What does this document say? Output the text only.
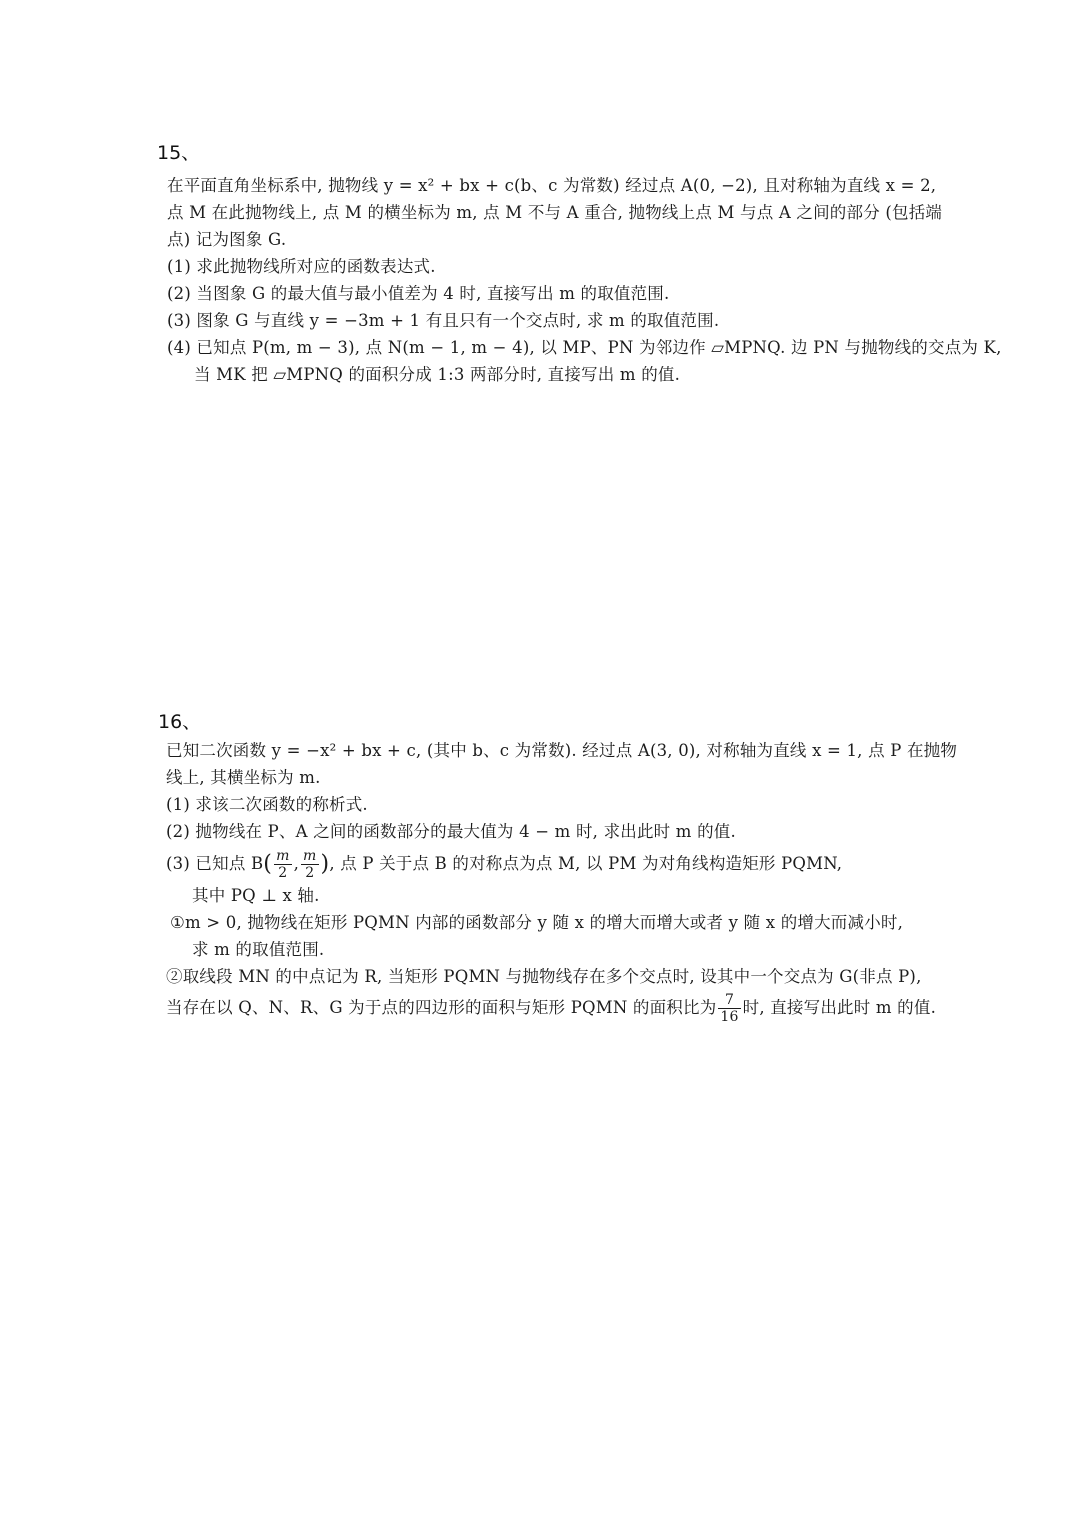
15、
在平面直角坐标系中, 抛物线 y = x² + bx + c(b、c 为常数) 经过点 A(0, −2), 且对称轴为直线 x = 2,
点 M 在此抛物线上, 点 M 的横坐标为 m, 点 M 不与 A 重合, 抛物线上点 M 与点 A 之间的部分 (包括端
点) 记为图象 G.
(1) 求此抛物线所对应的函数表达式.
(2) 当图象 G 的最大值与最小值差为 4 时, 直接写出 m 的取值范围.
(3) 图象 G 与直线 y = −3m + 1 有且只有一个交点时, 求 m 的取值范围.
(4) 已知点 P(m, m − 3), 点 N(m − 1, m − 4), 以 MP、PN 为邻边作 ▱MPNQ. 边 PN 与抛物线的交点为 K,
当 MK 把 ▱MPNQ 的面积分成 1:3 两部分时, 直接写出 m 的值.
16、
已知二次函数 y = −x² + bx + c, (其中 b、c 为常数). 经过点 A(3, 0), 对称轴为直线 x = 1, 点 P 在抛物
线上, 其横坐标为 m.
(1) 求该二次函数的称析式.
(2) 抛物线在 P、A 之间的函数部分的最大值为 4 − m 时, 求出此时 m 的值.
(3) 已知点 $B( \frac{m}{2}$ , $\frac{m}{2}$ ), 点 P 关于点 B 的对称点为点 M, 以 PM 为对角线构造矩形 PQMN,
其中 PQ ⊥ x 轴.
①m > 0, 抛物线在矩形 PQMN 内部的函数部分 y 随 x 的增大而增大或者 y 随 x 的增大而减小时,
求 m 的取值范围.
②取线段 MN 的中点记为 R, 当矩形 PQMN 与抛物线存在多个交点时, 设其中一个交点为 G(非点 P),
当存在以 Q、N、R、G 为于点的四边形的面积与矩形 PQMN 的面积比为 $\frac{7}{16}$ 时, 直接写出此时 m 的值.
